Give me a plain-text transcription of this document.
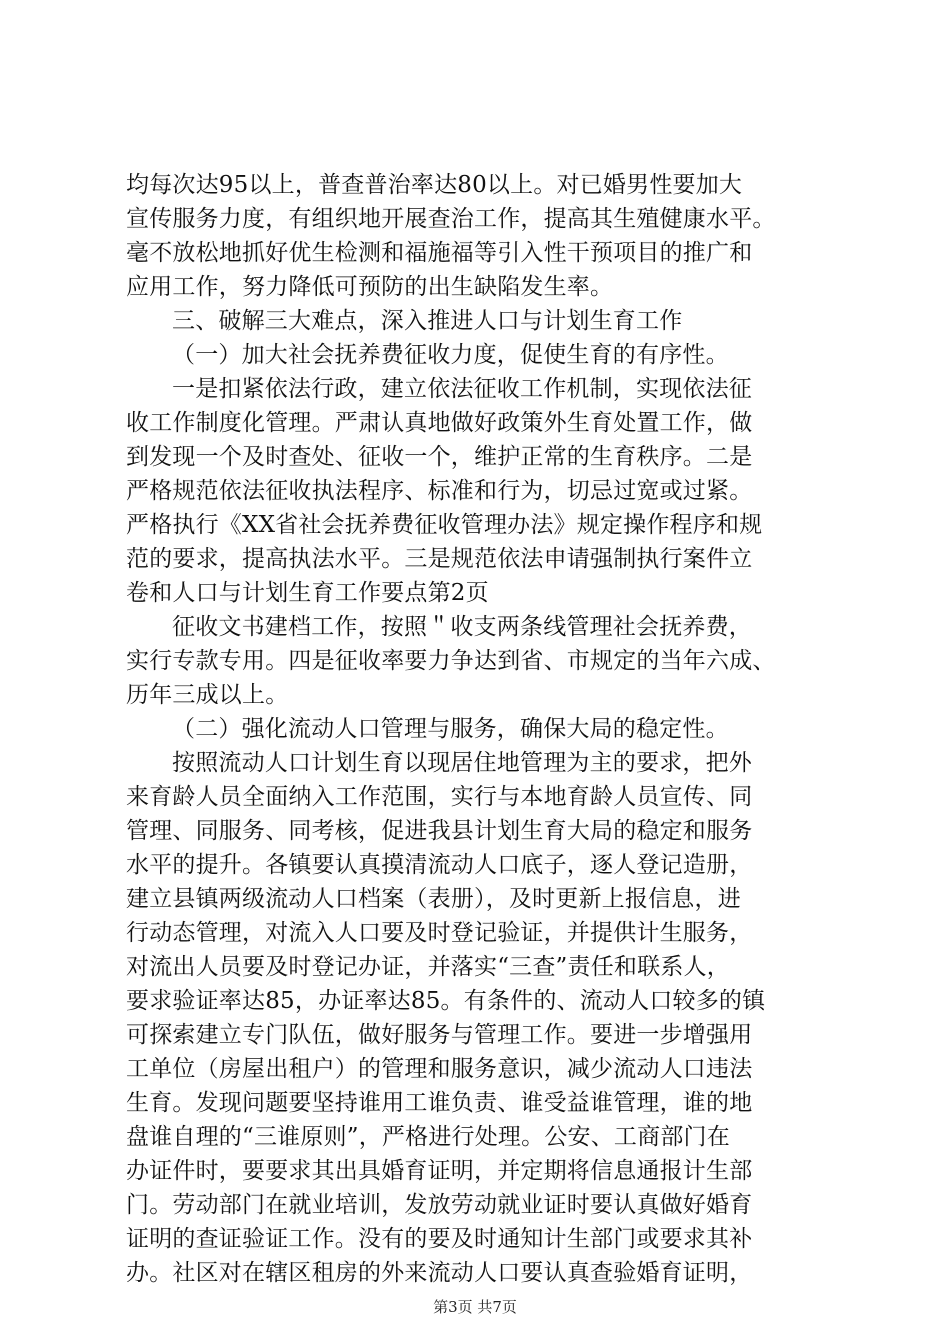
均每次达95以上，普查普治率达80以上。对已婚男性要加大
宣传服务力度，有组织地开展查治工作，提高其生殖健康水平。
毫不放松地抓好优生检测和福施福等引入性干预项目的推广和
应用工作，努力降低可预防的出生缺陷发生率。
三、破解三大难点，深入推进人口与计划生育工作
（一）加大社会抚养费征收力度，促使生育的有序性。
一是扣紧依法行政，建立依法征收工作机制，实现依法征
收工作制度化管理。严肃认真地做好政策外生育处置工作，做
到发现一个及时查处、征收一个，维护正常的生育秩序。二是
严格规范依法征收执法程序、标准和行为，切忌过宽或过紧。
严格执行《XX省社会抚养费征收管理办法》规定操作程序和规
范的要求，提高执法水平。三是规范依法申请强制执行案件立
卷和人口与计划生育工作要点第2页
征收文书建档工作，按照＂收支两条线管理社会抚养费，
实行专款专用。四是征收率要力争达到省、市规定的当年六成、
历年三成以上。
（二）强化流动人口管理与服务，确保大局的稳定性。
按照流动人口计划生育以现居住地管理为主的要求，把外
来育龄人员全面纳入工作范围，实行与本地育龄人员宣传、同
管理、同服务、同考核，促进我县计划生育大局的稳定和服务
水平的提升。各镇要认真摸清流动人口底子，逐人登记造册，
建立县镇两级流动人口档案（表册），及时更新上报信息，进
行动态管理，对流入人口要及时登记验证，并提供计生服务，
对流出人员要及时登记办证，并落实“三查”责任和联系人，
要求验证率达85，办证率达85。有条件的、流动人口较多的镇
可探索建立专门队伍，做好服务与管理工作。要进一步增强用
工单位（房屋出租户）的管理和服务意识，减少流动人口违法
生育。发现问题要坚持谁用工谁负责、谁受益谁管理，谁的地
盘谁自理的“三谁原则”，严格进行处理。公安、工商部门在
办证件时，要要求其出具婚育证明，并定期将信息通报计生部
门。劳动部门在就业培训，发放劳动就业证时要认真做好婚育
证明的查证验证工作。没有的要及时通知计生部门或要求其补
办。社区对在辖区租房的外来流动人口要认真查验婚育证明，
第3页 共7页
